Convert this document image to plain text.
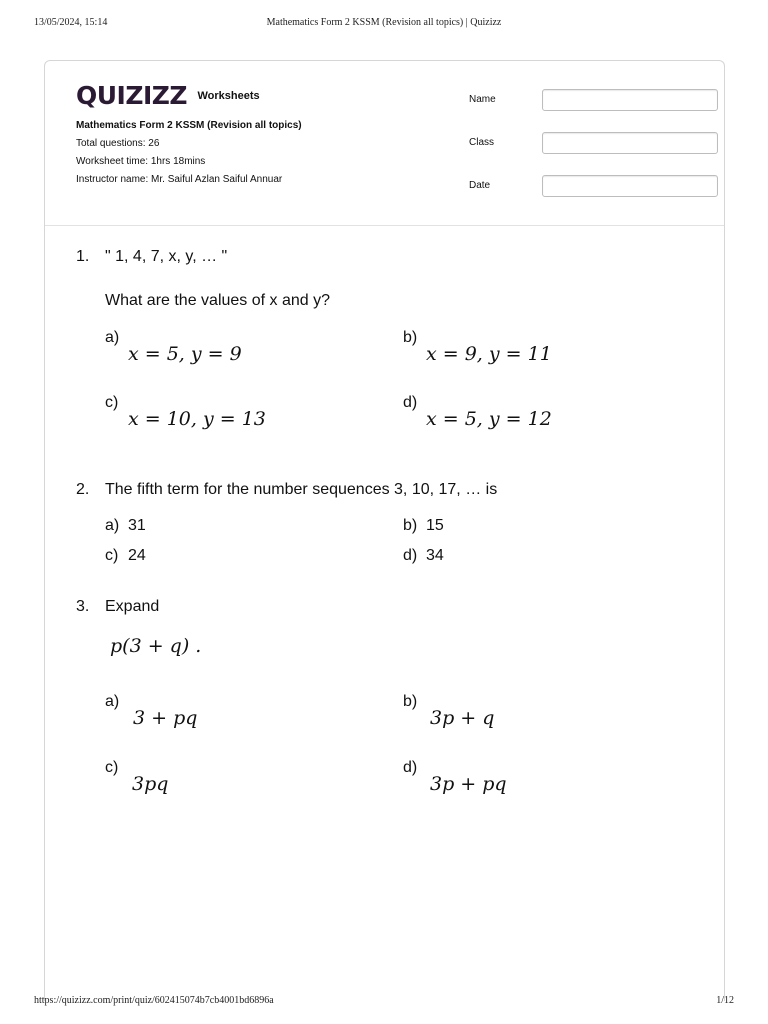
13/05/2024, 15:14	Mathematics Form 2 KSSM (Revision all topics) | Quizizz
QUIZIZZ Worksheets
Mathematics Form 2 KSSM (Revision all topics)
Total questions: 26
Worksheet time: 1hrs 18mins
Instructor name: Mr. Saiful Azlan Saiful Annuar
Name
Class
Date
1. " 1, 4, 7, x, y, … "
What are the values of x and y?
a)
x = 5, y = 9
b)
x = 9, y = 11
c)
x = 10, y = 13
d)
x = 5, y = 12
2. The fifth term for the number sequences 3, 10, 17, … is
a) 31	b) 15
c) 24	d) 34
3. Expand
p(3 + q) .
a)
3 + pq
b)
3p + q
c)
3pq
d)
3p + pq
https://quizizz.com/print/quiz/602415074b7cb4001bd6896a	1/12
